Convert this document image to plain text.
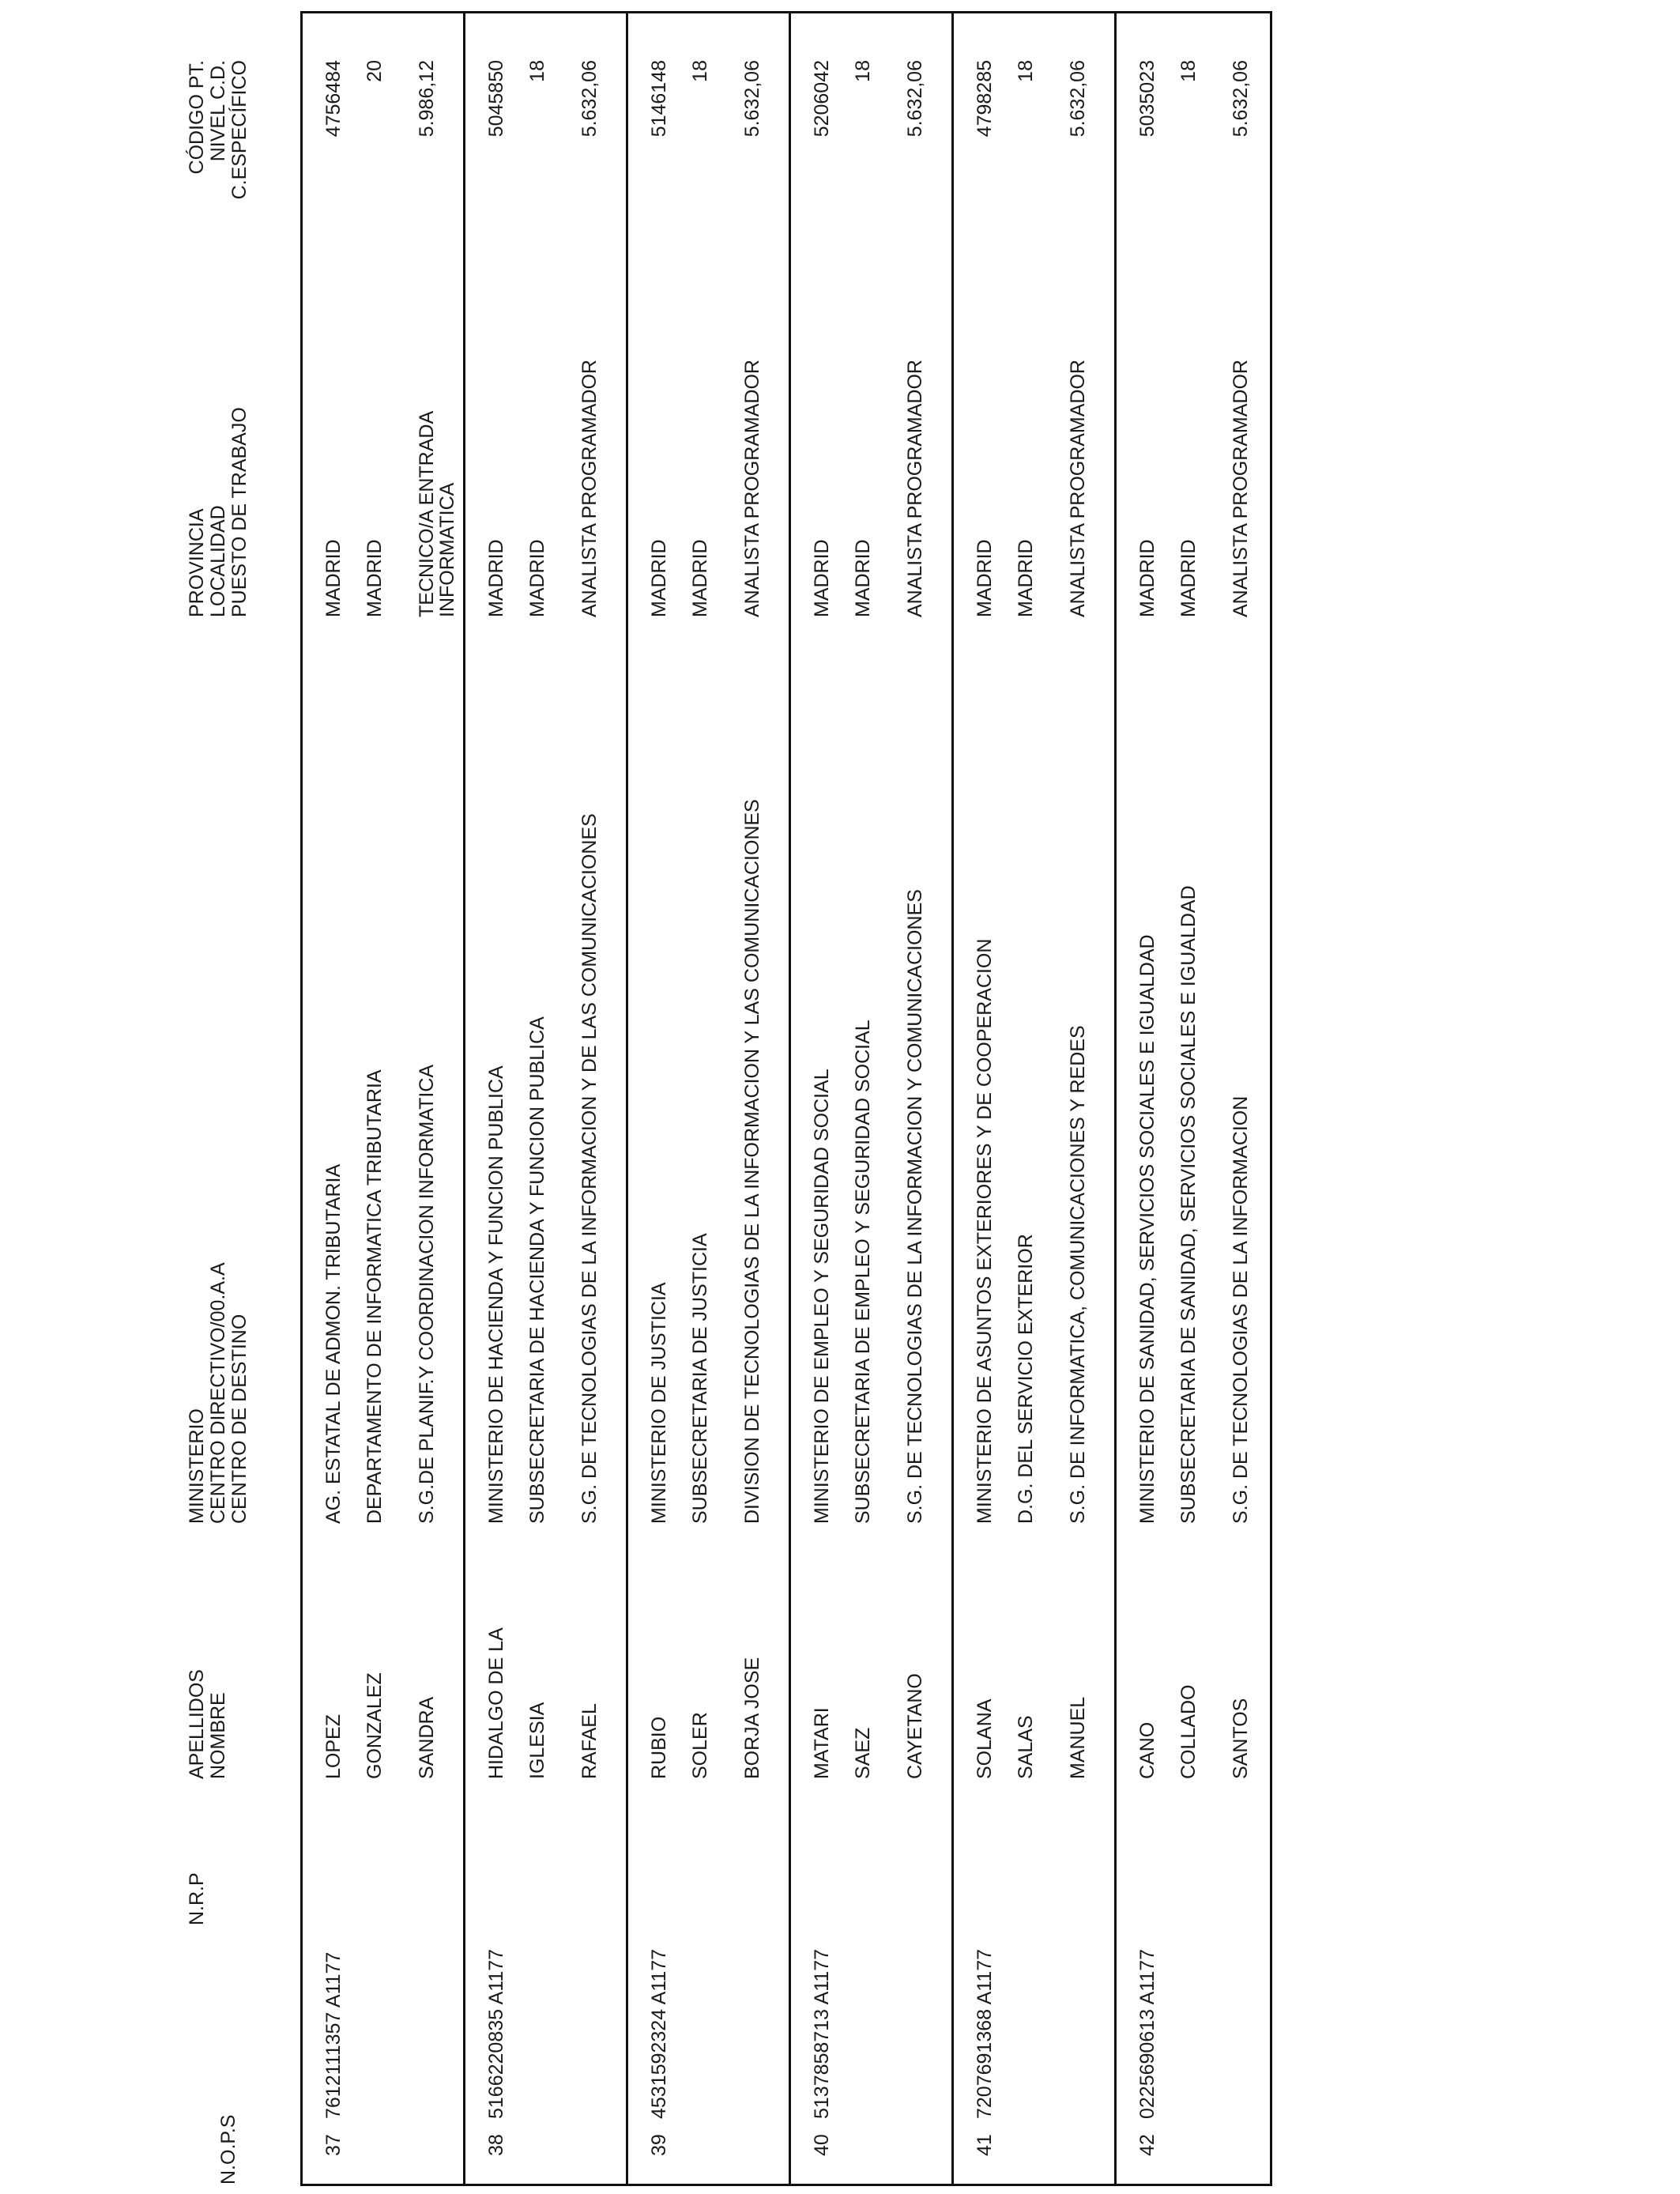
N.O.P.S
N.R.P
APELLIDOS NOMBRE
MINISTERIO CENTRO DIRECTIVO/00.A.A CENTRO DE DESTINO
PROVINCIA LOCALIDAD PUESTO DE TRABAJO
CÓDIGO PT. NIVEL C.D. C.ESPECÍFICO
37
7612111357 A1177
LOPEZ GONZALEZ SANDRA
AG. ESTATAL DE ADMON. TRIBUTARIA DEPARTAMENTO DE INFORMATICA TRIBUTARIA S.G.DE PLANIF.Y COORDINACION INFORMATICA
MADRID MADRID TECNICO/A ENTRADA
INFORMATICA
4756484 20 5.986,12
38
5166220835 A1177
HIDALGO DE LA IGLESIA RAFAEL
MINISTERIO DE HACIENDA Y FUNCION PUBLICA SUBSECRETARIA DE HACIENDA Y FUNCION PUBLICA S.G. DE TECNOLOGIAS DE LA INFORMACION Y DE LAS COMUNICACIONES
MADRID MADRID ANALISTA PROGRAMADOR
5045850 18 5.632,06
39
4531592324 A1177
RUBIO SOLER BORJA JOSE
MINISTERIO DE JUSTICIA SUBSECRETARIA DE JUSTICIA DIVISION DE TECNOLOGIAS DE LA INFORMACION Y LAS COMUNICACIONES
MADRID MADRID ANALISTA PROGRAMADOR
5146148 18 5.632,06
40
5137858713 A1177
MATARI SAEZ CAYETANO
MINISTERIO DE EMPLEO Y SEGURIDAD SOCIAL SUBSECRETARIA DE EMPLEO Y SEGURIDAD SOCIAL S.G. DE TECNOLOGIAS DE LA INFORMACION Y COMUNICACIONES
MADRID MADRID ANALISTA PROGRAMADOR
5206042 18 5.632,06
41
7207691368 A1177
SOLANA SALAS MANUEL
MINISTERIO DE ASUNTOS EXTERIORES Y DE COOPERACION D.G. DEL SERVICIO EXTERIOR S.G. DE INFORMATICA, COMUNICACIONES Y REDES
MADRID MADRID ANALISTA PROGRAMADOR
4798285 18 5.632,06
42
0225690613 A1177
CANO COLLADO SANTOS
MINISTERIO DE SANIDAD, SERVICIOS SOCIALES E IGUALDAD SUBSECRETARIA DE SANIDAD, SERVICIOS SOCIALES E IGUALDAD S.G. DE TECNOLOGIAS DE LA INFORMACION
MADRID MADRID ANALISTA PROGRAMADOR
5035023 18 5.632,06
